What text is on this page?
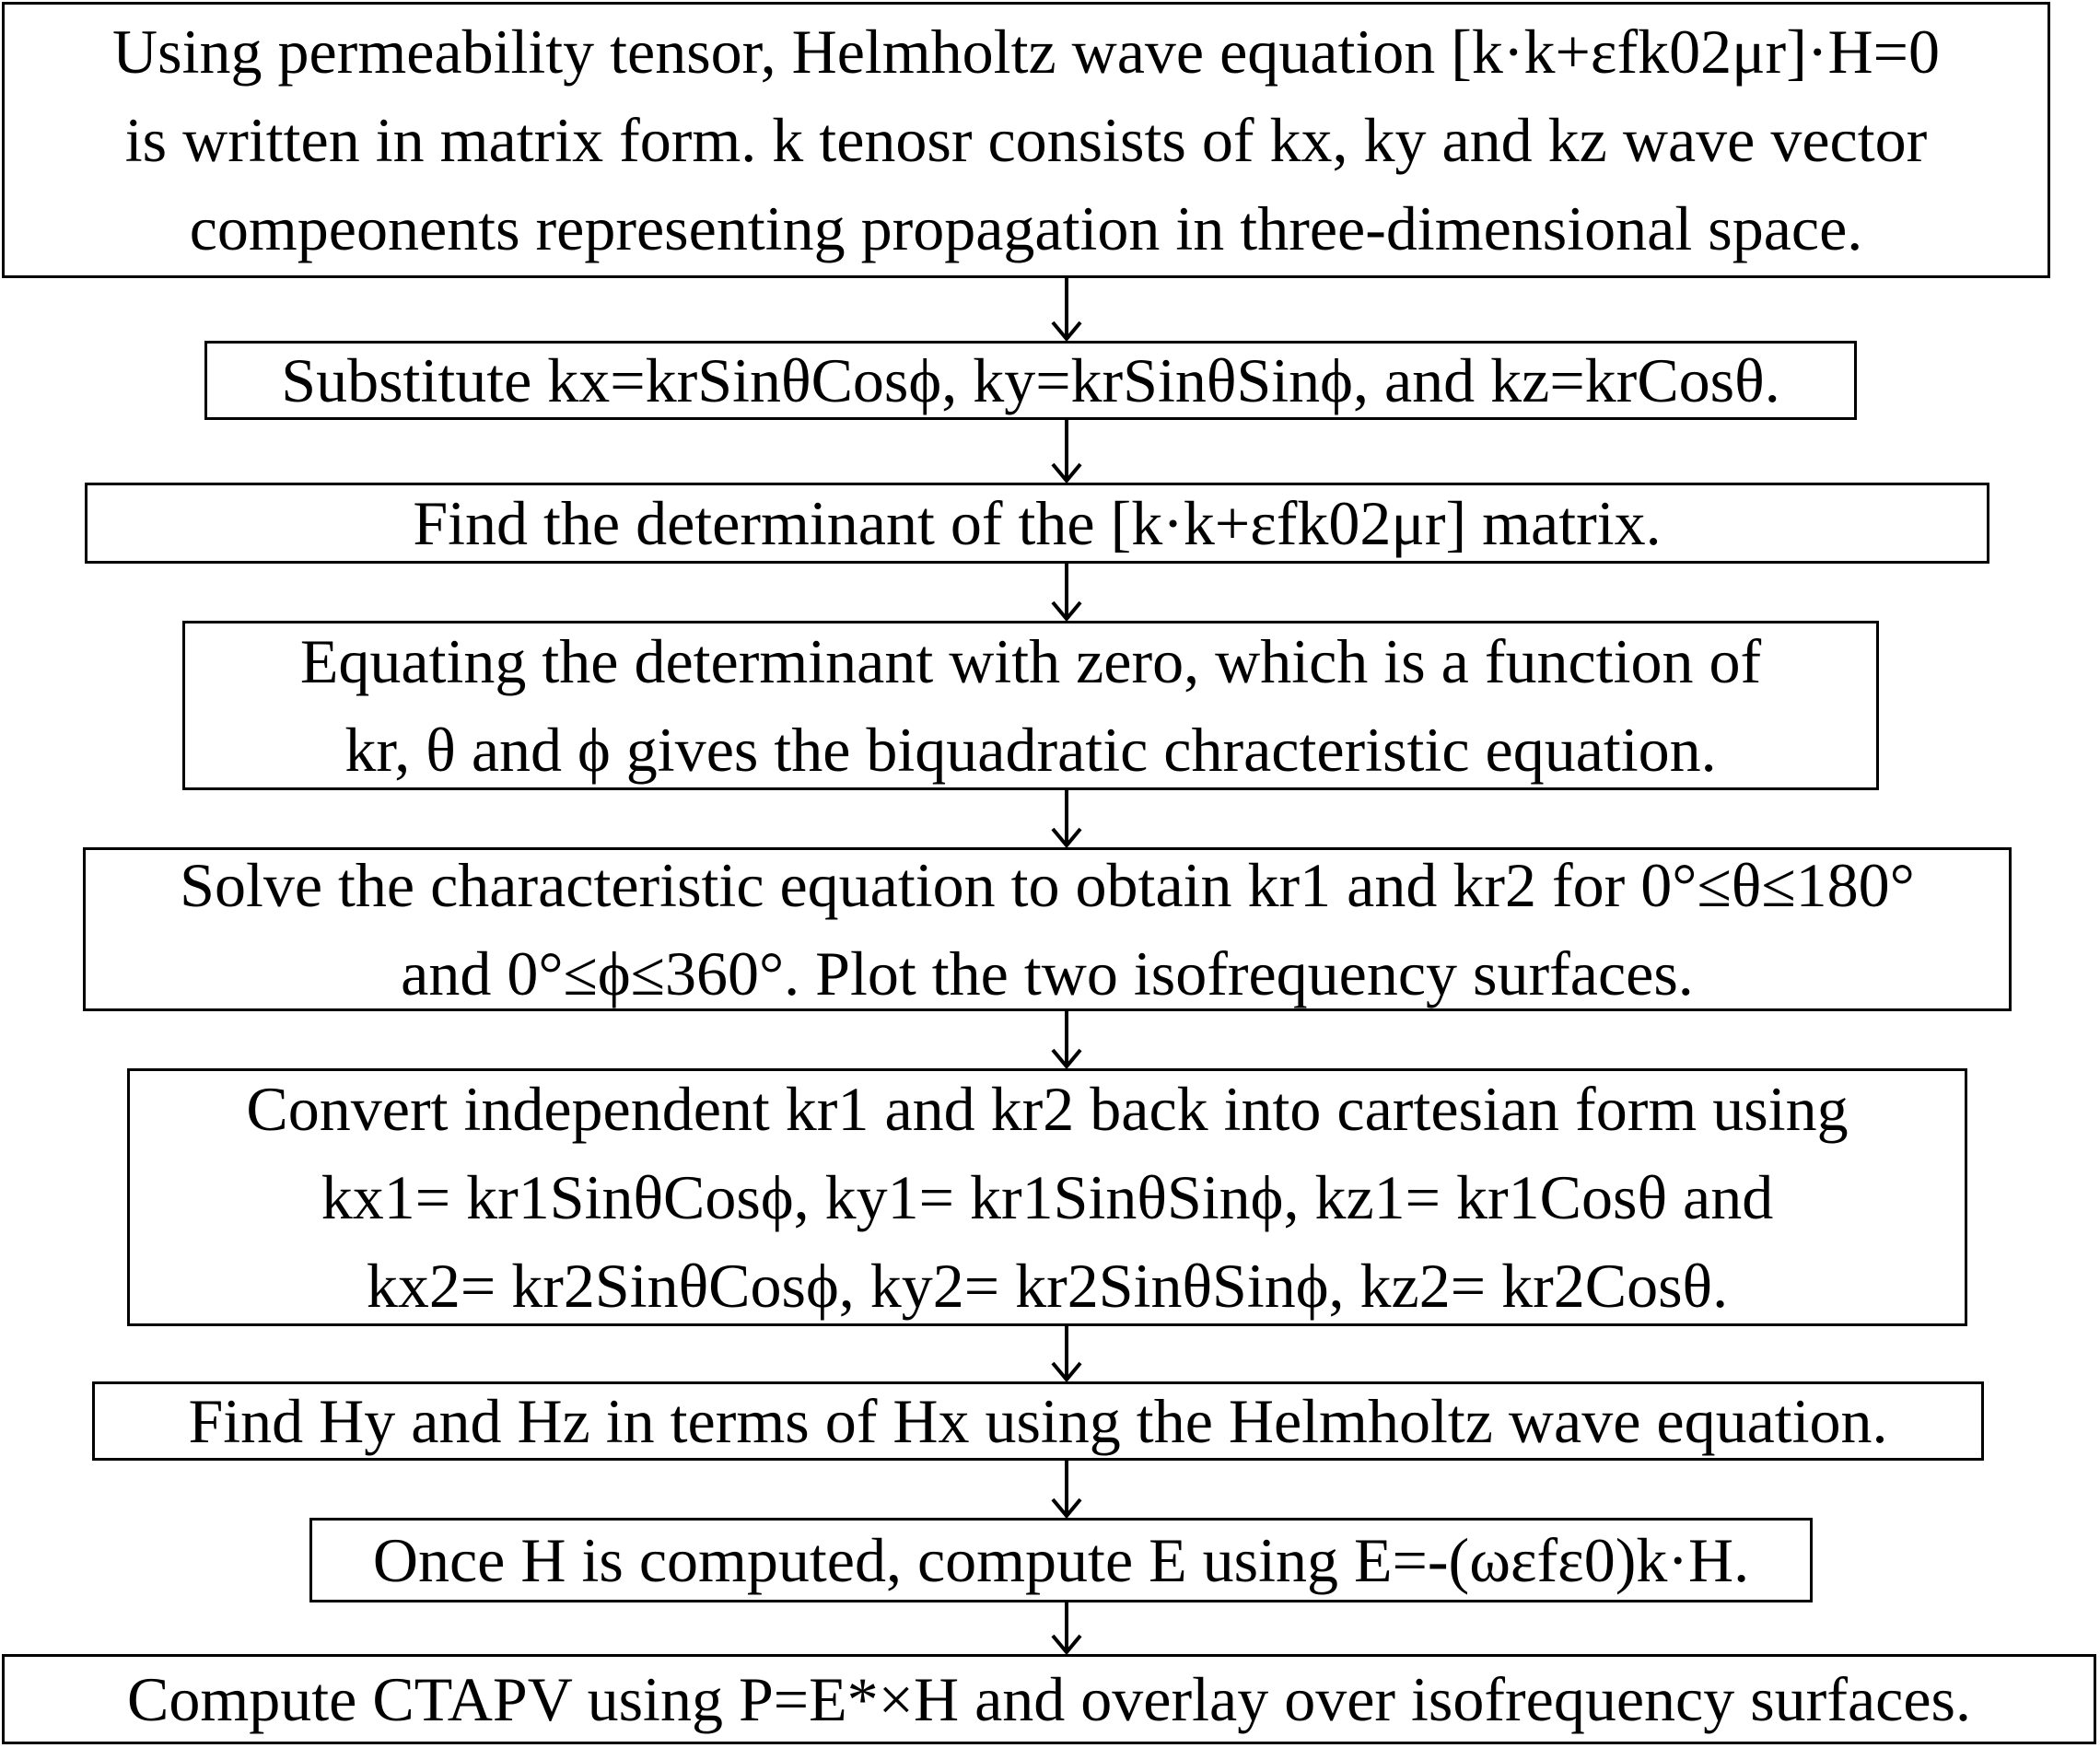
Using permeability tensor, Helmholtz wave equation [k·k+εfk02μr]·H=0
is written in matrix form. k tenosr consists of kx, ky and kz wave vector
compeonents representing propagation in three-dimensional space.
Substitute kx=krSinθCosϕ, ky=krSinθSinϕ, and kz=krCosθ.
Find the determinant of the [k·k+εfk02μr] matrix.
Equating the determinant with zero, which is a function of
kr, θ and ϕ gives the biquadratic chracteristic equation.
Solve the characteristic equation to obtain kr1 and kr2 for 0°≤θ≤180°
and 0°≤ϕ≤360°. Plot the two isofrequency surfaces.
Convert independent kr1 and kr2 back into cartesian form using
kx1= kr1SinθCosϕ, ky1= kr1SinθSinϕ, kz1= kr1Cosθ and
kx2= kr2SinθCosϕ, ky2= kr2SinθSinϕ, kz2= kr2Cosθ.
Find Hy and Hz in terms of Hx using the Helmholtz wave equation.
Once H is computed, compute E using E=-(ωεfε0)k·H.
Compute CTAPV using P=E*×H and overlay over isofrequency surfaces.
